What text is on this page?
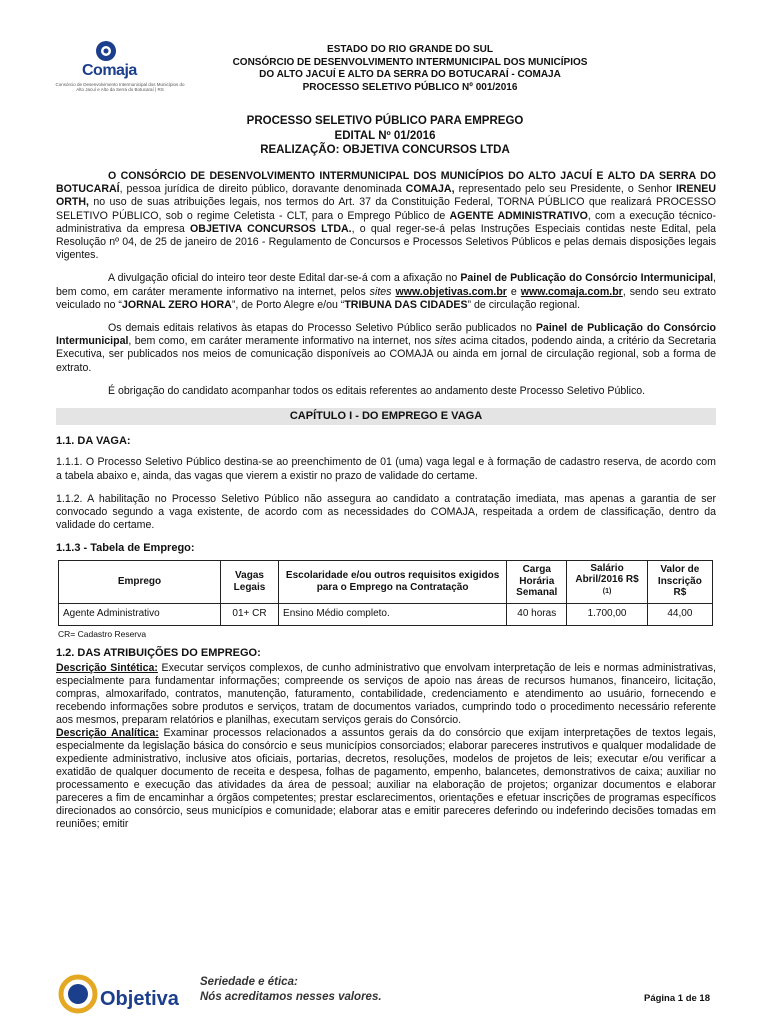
Comaja
Consórcio de Desenvolvimento Intermunicipal dos Municípios do Alto Jacuí e Alto da Serra do Botucaraí | RS
ESTADO DO RIO GRANDE DO SUL
CONSÓRCIO DE DESENVOLVIMENTO INTERMUNICIPAL DOS MUNICÍPIOS
DO ALTO JACUÍ E ALTO DA SERRA DO BOTUCARAÍ - COMAJA
PROCESSO SELETIVO PÚBLICO Nº 001/2016
PROCESSO SELETIVO PÚBLICO PARA EMPREGO
EDITAL Nº 01/2016
REALIZAÇÃO: OBJETIVA CONCURSOS LTDA

O CONSÓRCIO DE DESENVOLVIMENTO INTERMUNICIPAL DOS MUNICÍPIOS DO ALTO JACUÍ E ALTO DA SERRA DO BOTUCARAÍ, pessoa jurídica de direito público, doravante denominada COMAJA, representado pelo seu Presidente, o Senhor IRENEU ORTH, no uso de suas atribuições legais, nos termos do Art. 37 da Constituição Federal, TORNA PÚBLICO que realizará PROCESSO SELETIVO PÚBLICO, sob o regime Celetista - CLT, para o Emprego Público de AGENTE ADMINISTRATIVO, com a execução técnico-administrativa da empresa OBJETIVA CONCURSOS LTDA., o qual reger-se-á pelas Instruções Especiais contidas neste Edital, pela Resolução nº 04, de 25 de janeiro de 2016 - Regulamento de Concursos e Processos Seletivos Públicos e pelas demais disposições legais vigentes.

A divulgação oficial do inteiro teor deste Edital dar-se-á com a afixação no Painel de Publicação do Consórcio Intermunicipal, bem como, em caráter meramente informativo na internet, pelos sites www.objetivas.com.br e www.comaja.com.br, sendo seu extrato veiculado no “JORNAL ZERO HORA”, de Porto Alegre e/ou “TRIBUNA DAS CIDADES” de circulação regional.

Os demais editais relativos às etapas do Processo Seletivo Público serão publicados no Painel de Publicação do Consórcio Intermunicipal, bem como, em caráter meramente informativo na internet, nos sites acima citados, podendo ainda, a critério da Secretaria Executiva, ser publicados nos meios de comunicação disponíveis ao COMAJA ou ainda em jornal de circulação regional, sob a forma de extrato.

É obrigação do candidato acompanhar todos os editais referentes ao andamento deste Processo Seletivo Público.

CAPÍTULO I - DO EMPREGO E VAGA
1.1. DA VAGA:

1.1.1. O Processo Seletivo Público destina-se ao preenchimento de 01 (uma) vaga legal e à formação de cadastro reserva, de acordo com a tabela abaixo e, ainda, das vagas que vierem a existir no prazo de validade do certame.

1.1.2. A habilitação no Processo Seletivo Público não assegura ao candidato a contratação imediata, mas apenas a garantia de ser convocado segundo a vaga existente, de acordo com as necessidades do COMAJA, respeitada a ordem de classificação, dentro da validade do certame.

1.1.3 - Tabela de Emprego:
Emprego	Vagas Legais	Escolaridade e/ou outros requisitos exigidos para o Emprego na Contratação	Carga Horária Semanal	Salário Abril/2016 R$ $^{(1)}$	Valor de Inscrição R$
Agente Administrativo	01+ CR	Ensino Médio completo.	40 horas	1.700,00	44,00
CR= Cadastro Reserva
1.2. DAS ATRIBUIÇÕES DO EMPREGO:

Descrição Sintética: Executar serviços complexos, de cunho administrativo que envolvam interpretação de leis e normas administrativas, especialmente para fundamentar informações; compreende os serviços de apoio nas áreas de recursos humanos, financeiro, licitação, compras, almoxarifado, contratos, manutenção, faturamento, contabilidade, credenciamento e atendimento ao usuário, fornecendo e recebendo informações sobre produtos e serviços, tratam de documentos variados, cumprindo todo o procedimento necessário referente aos mesmos, preparam relatórios e planilhas, executam serviços gerais do Consórcio.

Descrição Analítica: Examinar processos relacionados a assuntos gerais da do consórcio que exijam interpretações de textos legais, especialmente da legislação básica do consórcio e seus municípios consorciados; elaborar pareceres instrutivos e qualquer modalidade de expediente administrativo, inclusive atos oficiais, portarias, decretos, resoluções, modelos de projetos de leis; executar e/ou verificar a exatidão de qualquer documento de receita e despesa, folhas de pagamento, empenho, balancetes, demonstrativos de caixa; auxiliar no processamento e execução das atividades da área de pessoal; auxiliar na elaboração de projetos; organizar documentos e elaborar pareceres a fim de encaminhar a órgãos competentes; prestar esclarecimentos, orientações e efetuar inscrições de programas específicos direcionados ao consórcio, seus municípios e comunidade; elaborar atas e emitir pareceres deferindo ou indeferindo decisões tomadas em reuniões; emitir

Objetiva
Seriedade e ética:
Nós acreditamos nesses valores.	Página 1 de 18
